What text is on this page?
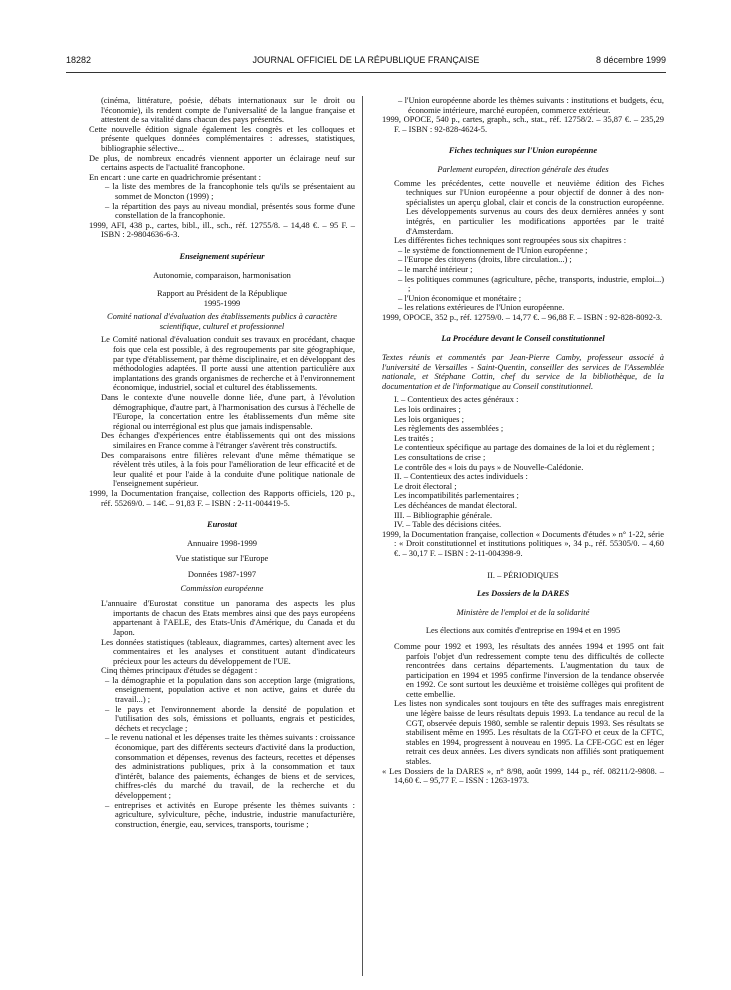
18282	JOURNAL OFFICIEL DE LA RÉPUBLIQUE FRANÇAISE	8 décembre 1999

(cinéma, littérature, poésie, débats internationaux sur le droit ou l'économie), ils rendent compte de l'universalité de la langue française et attestent de sa vitalité dans chacun des pays présentés.

Cette nouvelle édition signale également les congrès et les colloques et présente quelques données complémentaires : adresses, statistiques, bibliographie sélective...

De plus, de nombreux encadrés viennent apporter un éclairage neuf sur certains aspects de l'actualité francophone.

En encart : une carte en quadrichromie présentant :

– la liste des membres de la francophonie tels qu'ils se présentaient au sommet de Moncton (1999) ;

– la répartition des pays au niveau mondial, présentés sous forme d'une constellation de la francophonie.

1999, AFI, 438 p., cartes, bibl., ill., sch., réf. 12755/8. – 14,48 €. – 95 F. – ISBN : 2-9804636-6-3.

Enseignement supérieur

Autonomie, comparaison, harmonisation

Rapport au Président de la République

1995-1999

Comité national d'évaluation des établissements publics à caractère scientifique, culturel et professionnel

Le Comité national d'évaluation conduit ses travaux en procédant, chaque fois que cela est possible, à des regroupements par site géographique, par type d'établissement, par thème disciplinaire, et en développant des méthodologies adaptées. Il porte aussi une attention particulière aux implantations des grands organismes de recherche et à l'environnement économique, industriel, social et culturel des établissements.

Dans le contexte d'une nouvelle donne liée, d'une part, à l'évolution démographique, d'autre part, à l'harmonisation des cursus à l'échelle de l'Europe, la concertation entre les établissements d'un même site régional ou interrégional est plus que jamais indispensable.

Des échanges d'expériences entre établissements qui ont des missions similaires en France comme à l'étranger s'avèrent très constructifs.

Des comparaisons entre filières relevant d'une même thématique se révèlent très utiles, à la fois pour l'amélioration de leur efficacité et de leur qualité et pour l'aide à la conduite d'une politique nationale de l'enseignement supérieur.

1999, la Documentation française, collection des Rapports officiels, 120 p., réf. 55269/0. – 14€. – 91,83 F. – ISBN : 2-11-004419-5.

Eurostat

Annuaire 1998-1999

Vue statistique sur l'Europe

Données 1987-1997

Commission européenne

L'annuaire d'Eurostat constitue un panorama des aspects les plus importants de chacun des Etats membres ainsi que des pays européens appartenant à l'AELE, des Etats-Unis d'Amérique, du Canada et du Japon.

Les données statistiques (tableaux, diagrammes, cartes) alternent avec les commentaires et les analyses et constituent autant d'indicateurs précieux pour les acteurs du développement de l'UE.

Cinq thèmes principaux d'études se dégagent :

– la démographie et la population dans son acception large (migrations, enseignement, population active et non active, gains et durée du travail...) ;

– le pays et l'environnement aborde la densité de population et l'utilisation des sols, émissions et polluants, engrais et pesticides, déchets et recyclage ;

– le revenu national et les dépenses traite les thèmes suivants : croissance économique, part des différents secteurs d'activité dans la production, consommation et dépenses, revenus des facteurs, recettes et dépenses des administrations publiques, prix à la consommation et taux d'intérêt, balance des paiements, échanges de biens et de services, chiffres-clés du marché du travail, de la recherche et du développement ;

– entreprises et activités en Europe présente les thèmes suivants : agriculture, sylviculture, pêche, industrie, industrie manufacturière, construction, énergie, eau, services, transports, tourisme ;

– l'Union européenne aborde les thèmes suivants : institutions et budgets, écu, économie intérieure, marché européen, commerce extérieur.

1999, OPOCE, 540 p., cartes, graph., sch., stat., réf. 12758/2. – 35,87 €. – 235,29 F. – ISBN : 92-828-4624-5.

Fiches techniques sur l'Union européenne

Parlement européen, direction générale des études

Comme les précédentes, cette nouvelle et neuvième édition des Fiches techniques sur l'Union européenne a pour objectif de donner à des non-spécialistes un aperçu global, clair et concis de la construction européenne. Les développements survenus au cours des deux dernières années y sont intégrés, en particulier les modifications apportées par le traité d'Amsterdam.

Les différentes fiches techniques sont regroupées sous six chapitres :

– le système de fonctionnement de l'Union européenne ;

– l'Europe des citoyens (droits, libre circulation...) ;

– le marché intérieur ;

– les politiques communes (agriculture, pêche, transports, industrie, emploi...) ;

– l'Union économique et monétaire ;

– les relations extérieures de l'Union européenne.

1999, OPOCE, 352 p., réf. 12759/0. – 14,77 €. – 96,88 F. – ISBN : 92-828-8092-3.

La Procédure devant le Conseil constitutionnel

Textes réunis et commentés par Jean-Pierre Camby, professeur associé à l'université de Versailles - Saint-Quentin, conseiller des services de l'Assemblée nationale, et Stéphane Cottin, chef du service de la bibliothèque, de la documentation et de l'informatique au Conseil constitutionnel.

I. – Contentieux des actes généraux :

Les lois ordinaires ;

Les lois organiques ;

Les règlements des assemblées ;

Les traités ;

Le contentieux spécifique au partage des domaines de la loi et du règlement ;

Les consultations de crise ;

Le contrôle des « lois du pays » de Nouvelle-Calédonie.

II. – Contentieux des actes individuels :

Le droit électoral ;

Les incompatibilités parlementaires ;

Les déchéances de mandat électoral.

III. – Bibliographie générale.

IV. – Table des décisions citées.

1999, la Documentation française, collection « Documents d'études » n° 1-22, série : « Droit constitutionnel et institutions politiques », 34 p., réf. 55305/0. – 4,60 €. – 30,17 F. – ISBN : 2-11-004398-9.

II. – PÉRIODIQUES

Les Dossiers de la DARES

Ministère de l'emploi et de la solidarité

Les élections aux comités d'entreprise en 1994 et en 1995

Comme pour 1992 et 1993, les résultats des années 1994 et 1995 ont fait parfois l'objet d'un redressement compte tenu des difficultés de collecte rencontrées dans certains départements. L'augmentation du taux de participation en 1994 et 1995 confirme l'inversion de la tendance observée en 1992. Ce sont surtout les deuxième et troisième collèges qui profitent de cette embellie.

Les listes non syndicales sont toujours en tête des suffrages mais enregistrent une légère baisse de leurs résultats depuis 1993. La tendance au recul de la CGT, observée depuis 1980, semble se ralentir depuis 1993. Ses résultats se stabilisent même en 1995. Les résultats de la CGT-FO et ceux de la CFTC, stables en 1994, progressent à nouveau en 1995. La CFE-CGC est en léger retrait ces deux années. Les divers syndicats non affiliés sont pratiquement stables.

« Les Dossiers de la DARES », n° 8/98, août 1999, 144 p., réf. 08211/2-9808. – 14,60 €. – 95,77 F. – ISSN : 1263-1973.
